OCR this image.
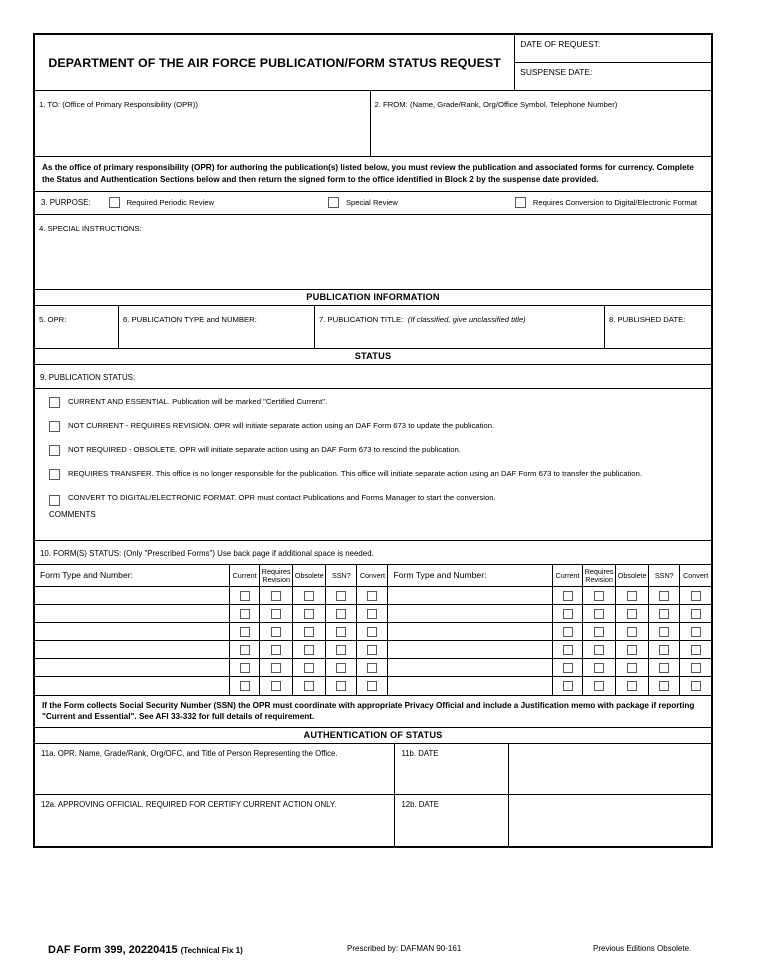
DEPARTMENT OF THE AIR FORCE PUBLICATION/FORM STATUS REQUEST
DATE OF REQUEST:
SUSPENSE DATE:
1. TO: (Office of Primary Responsibility (OPR))	2. FROM: (Name, Grade/Rank, Org/Office Symbol, Telephone Number)
As the office of primary responsibility (OPR) for authoring the publication(s) listed below, you must review the publication and associated forms for currency. Complete the Status and Authentication Sections below and then return the signed form to the office identified in Block 2 by the suspense date provided.
3. PURPOSE:	Required Periodic Review	Special Review	Requires Conversion to Digital/Electronic Format
4. SPECIAL INSTRUCTIONS:
PUBLICATION INFORMATION
5. OPR:	6. PUBLICATION TYPE and NUMBER:	7. PUBLICATION TITLE: (If classified, give unclassified title)	8. PUBLISHED DATE:
STATUS
9. PUBLICATION STATUS:
CURRENT AND ESSENTIAL. Publication will be marked "Certified Current".
NOT CURRENT - REQUIRES REVISION. OPR will initiate separate action using an DAF Form 673 to update the publication.
NOT REQUIRED - OBSOLETE. OPR will initiate separate action using an DAF Form 673 to rescind the publication.
REQUIRES TRANSFER. This office is no longer responsible for the publication. This office will initiate separate action using an DAF Form 673 to transfer the publication.
CONVERT TO DIGITAL/ELECTRONIC FORMAT. OPR must contact Publications and Forms Manager to start the conversion.
COMMENTS
10. FORM(S) STATUS: (Only "Prescribed Forms") Use back page if additional space is needed.
Form Type and Number:	Current	Requires Revision	Obsolete	SSN?	Convert	Form Type and Number:	Current	Requires Revision	Obsolete	SSN?	Convert

If the Form collects Social Security Number (SSN) the OPR must coordinate with appropriate Privacy Official and include a Justification memo with package if reporting "Current and Essential". See AFI 33-332 for full details of requirement.
AUTHENTICATION OF STATUS
11a. OPR. Name, Grade/Rank, Org/OFC, and Title of Person Representing the Office.	11b. DATE
12a. APPROVING OFFICIAL. REQUIRED FOR CERTIFY CURRENT ACTION ONLY.	12b. DATE
DAF Form 399, 20220415 (Technical Fix 1)	Prescribed by: DAFMAN 90-161	Previous Editions Obsolete.
